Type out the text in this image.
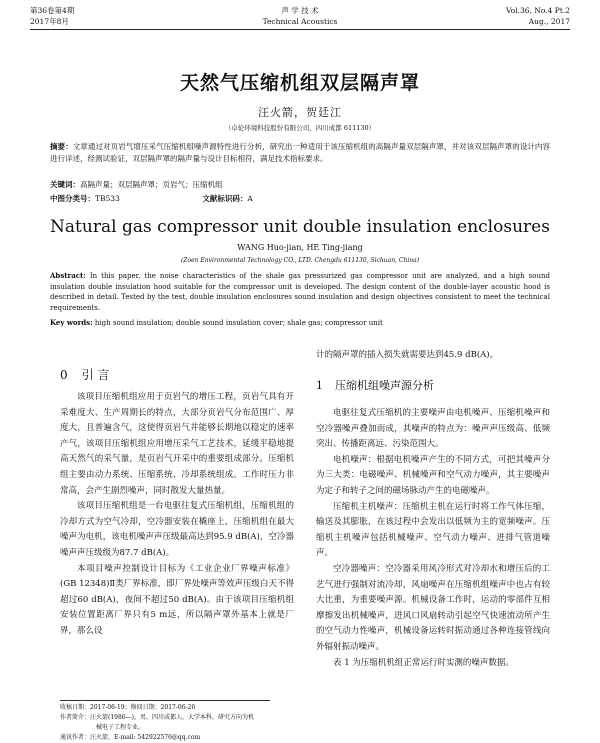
第36卷第4期	声 学 技 术	Vol.36, No.4 Pt.2
2017年8月	Technical Acoustics	Aug., 2017
天然气压缩机组双层隔声罩
汪火箭，贺廷江
（卓伦环境科技股份有限公司，四川成都 611130）
摘要：文章通过对页岩气增压采气压缩机组噪声源特性进行分析，研究出一种适用于该压缩机组的高隔声量双层隔声罩，并对该双层隔声罩的设计内容进行详述，经测试验证，双层隔声罩的隔声量与设计目标相符，满足技术指标要求。
关键词：高隔声量；双层隔声罩；页岩气；压缩机组
中图分类号：TB533	文献标识码：A
Natural gas compressor unit double insulation enclosures
WANG Huo-jian, HE Ting-jiang
(Zoen Environmental Technology CO., LTD. Chengdu 611130, Sichuan, China)
Abstract: In this paper, the noise characteristics of the shale gas pressurized gas compressor unit are analyzed, and a high sound insulation double insulation hood suitable for the compressor unit is developed. The design content of the double-layer acoustic hood is described in detail. Tested by the test, double insulation enclosures sound insulation and design objectives consistent to meet the technical requirements.
Key words: high sound insulation; double sound insulation cover; shale gas; compressor unit
0 引 言

该项目压缩机组应用于页岩气的增压工程，页岩气具有开采难度大、生产周期长的特点，大部分页岩气分布范围广、厚度大，且普遍含气，这使得页岩气井能够长期地以稳定的速率产气，该项目压缩机组应用增压采气工艺技术，延缓平稳地提高天然气的采气量，是页岩气开采中的重要组成部分。压缩机组主要由动力系统、压缩系统、冷却系统组成。工作时压力非常高，会产生剧烈噪声，同时散发大量热量。

该项目压缩机组是一台电驱往复式压缩机组，压缩机组的冷却方式为空气冷却，空冷器安装在橇座上，压缩机组在最大噪声为电机，该电机噪声声压级最高达到95.9 dB(A)，空冷器噪声声压级级为87.7 dB(A)。

本项目噪声控制设计目标为《工业企业厂界噪声标准》(GB 12348)Ⅱ类厂界标准，即厂界处噪声等效声压级白天不得超过60 dB(A)，夜间不超过50 dB(A)。由于该项目压缩机组安装位置距离厂界只有5 m远，所以隔声罩外基本上就是厂界，那么设

计的隔声罩的插入损失就需要达到45.9 dB(A)。

1 压缩机组噪声源分析

电驱往复式压缩机的主要噪声由电机噪声、压缩机噪声和空冷器噪声叠加而成，其噪声的特点为：噪声声压级高、低频突出、传播距离远、污染范围大。

电机噪声：根据电机噪声产生的不同方式，可把其噪声分为三大类：电磁噪声、机械噪声和空气动力噪声，其主要噪声为定子和转子之间的磁场脉动产生的电磁噪声。

压缩机主机噪声：压缩机主机在运行时将工作气体压缩，输送及其膨胀，在该过程中会发出以低频为主的宽频噪声。压缩机主机噪声包括机械噪声、空气动力噪声、进排气管道噪声。

空冷器噪声：空冷器采用风冷形式对冷却水和增压后的工艺气进行强制对流冷却，风扇噪声在压缩机组噪声中也占有较大比重，为重要噪声源。机械设备工作时，运动的零部件互相摩擦发出机械噪声，进风口风扇转动引起空气快速流动所产生的空气动力性噪声，机械设备运转时振动通过各种连接管线向外辐射振动噪声。

表 1 为压缩机机组正常运行时实测的噪声数据。

收稿日期：2017-06-19；修回日期：2017-06-26
作者简介：汪火箭(1986—)，男，四川成都人，大学本科，研究方向为机
械电子工程专业。
通讯作者：汪火箭，E-mail: 542922576@qq.com
